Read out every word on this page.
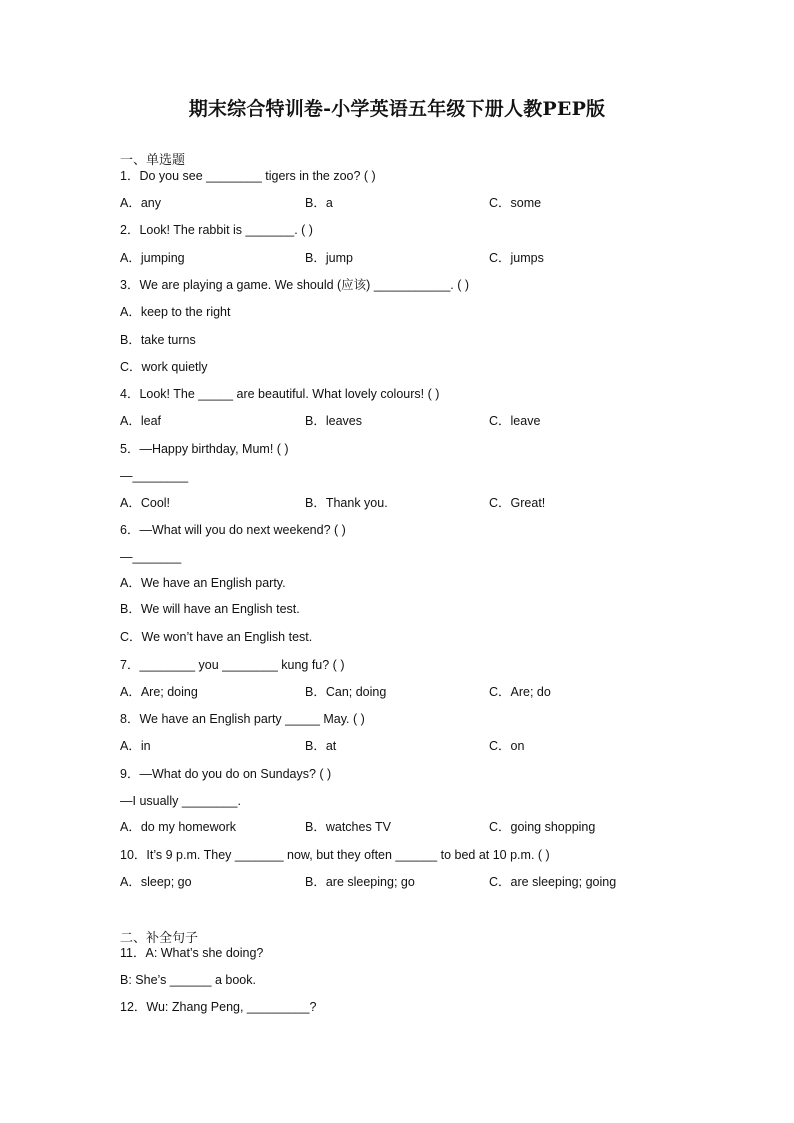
期末综合特训卷-小学英语五年级下册人教PEP版
一、单选题
1．Do you see ________ tigers in the zoo? ( )
A．any	B．a	C．some
2．Look! The rabbit is _______. ( )
A．jumping	B．jump	C．jumps
3．We are playing a game. We should (应该) ___________. ( )
A．keep to the right
B．take turns
C．work quietly
4．Look! The _____ are beautiful. What lovely colours! ( )
A．leaf	B．leaves	C．leave
5．—Happy birthday, Mum! ( )
—________
A．Cool!	B．Thank you.	C．Great!
6．—What will you do next weekend? ( )
—_______
A．We have an English party.
B．We will have an English test.
C．We won’t have an English test.
7．________ you ________ kung fu? ( )
A．Are; doing	B．Can; doing	C．Are; do
8．We have an English party _____ May. ( )
A．in	B．at	C．on
9．—What do you do on Sundays? ( )
—I usually ________.
A．do my homework	B．watches TV	C．going shopping
10．It’s 9 p.m. They _______ now, but they often ______ to bed at 10 p.m. ( )
A．sleep; go	B．are sleeping; go	C．are sleeping; going
二、补全句子
11．A: What’s she doing?
B: She’s ______ a book.
12．Wu: Zhang Peng, _________?
